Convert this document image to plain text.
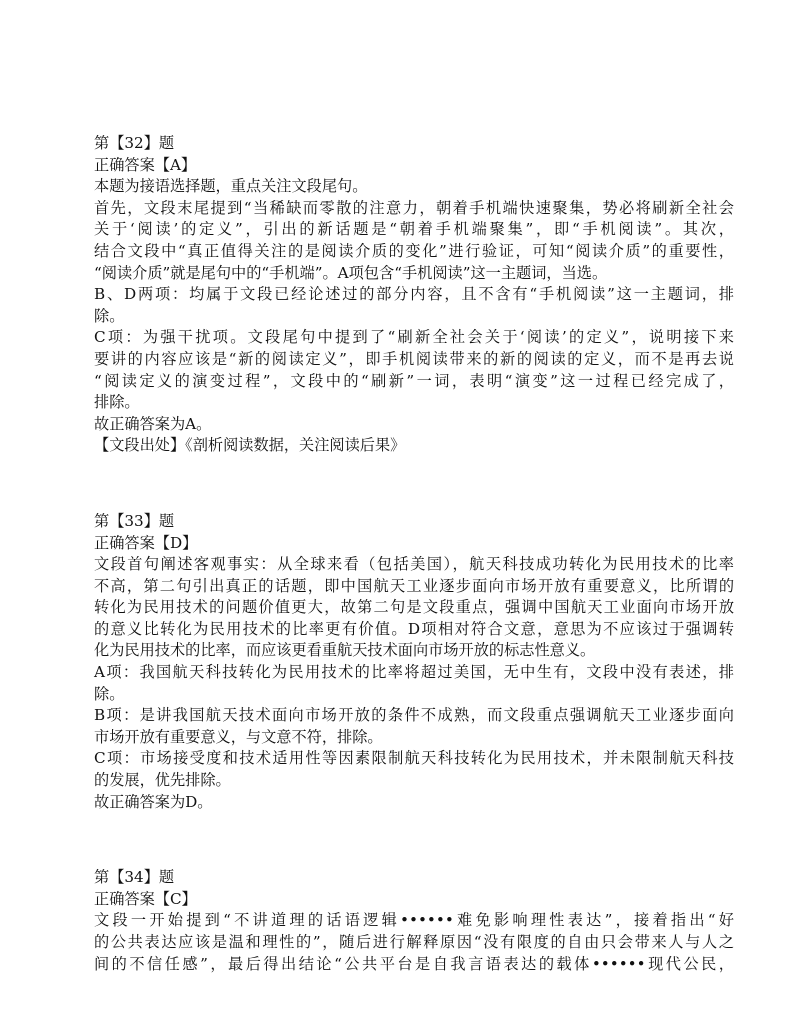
第【32】题
正确答案【A】
本题为接语选择题，重点关注文段尾句。
首先，文段末尾提到“当稀缺而零散的注意力，朝着手机端快速聚集，势必将刷新全社会
关于‘阅读’的定义”，引出的新话题是“朝着手机端聚集”，即“手机阅读”。其次，
结合文段中“真正值得关注的是阅读介质的变化”进行验证，可知“阅读介质”的重要性，
“阅读介质”就是尾句中的“手机端”。A项包含“手机阅读”这一主题词，当选。
B、D两项：均属于文段已经论述过的部分内容，且不含有“手机阅读”这一主题词，排
除。
C项：为强干扰项。文段尾句中提到了“刷新全社会关于‘阅读’的定义”，说明接下来
要讲的内容应该是“新的阅读定义”，即手机阅读带来的新的阅读的定义，而不是再去说
“阅读定义的演变过程”，文段中的“刷新”一词，表明“演变”这一过程已经完成了，
排除。
故正确答案为A。
【文段出处】《剖析阅读数据，关注阅读后果》
第【33】题
正确答案【D】
文段首句阐述客观事实：从全球来看（包括美国），航天科技成功转化为民用技术的比率
不高，第二句引出真正的话题，即中国航天工业逐步面向市场开放有重要意义，比所谓的
转化为民用技术的问题价值更大，故第二句是文段重点，强调中国航天工业面向市场开放
的意义比转化为民用技术的比率更有价值。D项相对符合文意，意思为不应该过于强调转
化为民用技术的比率，而应该更看重航天技术面向市场开放的标志性意义。
A项：我国航天科技转化为民用技术的比率将超过美国，无中生有，文段中没有表述，排
除。
B项：是讲我国航天技术面向市场开放的条件不成熟，而文段重点强调航天工业逐步面向
市场开放有重要意义，与文意不符，排除。
C项：市场接受度和技术适用性等因素限制航天科技转化为民用技术，并未限制航天科技
的发展，优先排除。
故正确答案为D。
第【34】题
正确答案【C】
文段一开始提到“不讲道理的话语逻辑••••••难免影响理性表达”，接着指出“好
的公共表达应该是温和理性的”，随后进行解释原因“没有限度的自由只会带来人与人之
间的不信任感”，最后得出结论“公共平台是自我言语表达的载体••••••现代公民，
